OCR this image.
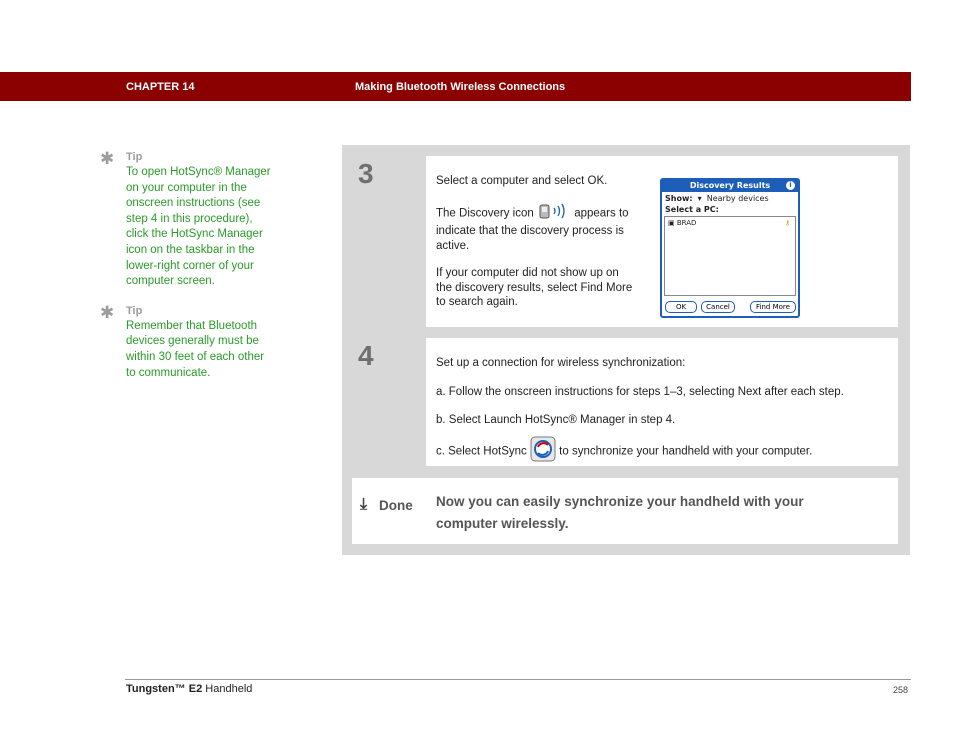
CHAPTER 14	Making Bluetooth Wireless Connections
✱ Tip
To open HotSync® Manager on your computer in the onscreen instructions (see step 4 in this procedure), click the HotSync Manager icon on the taskbar in the lower-right corner of your computer screen.
✱ Tip
Remember that Bluetooth devices generally must be within 30 feet of each other to communicate.
3	Select a computer and select OK.

The Discovery icon	appears to indicate that the discovery process is active.

If your computer did not show up on the discovery results, select Find More to search again.

Discovery Results	i
Show:  ▾  Nearby devices
Select a PC:
▣ BRAD	⚷
OK	Cancel	Find More
4	Set up a connection for wireless synchronization:

a. Follow the onscreen instructions for steps 1–3, selecting Next after each step.

b. Select Launch HotSync® Manager in step 4.

c. Select HotSync	to synchronize your handheld with your computer.

⤓ Done Now you can easily synchronize your handheld with your computer wirelessly.
Tungsten™ E2 Handheld	258
